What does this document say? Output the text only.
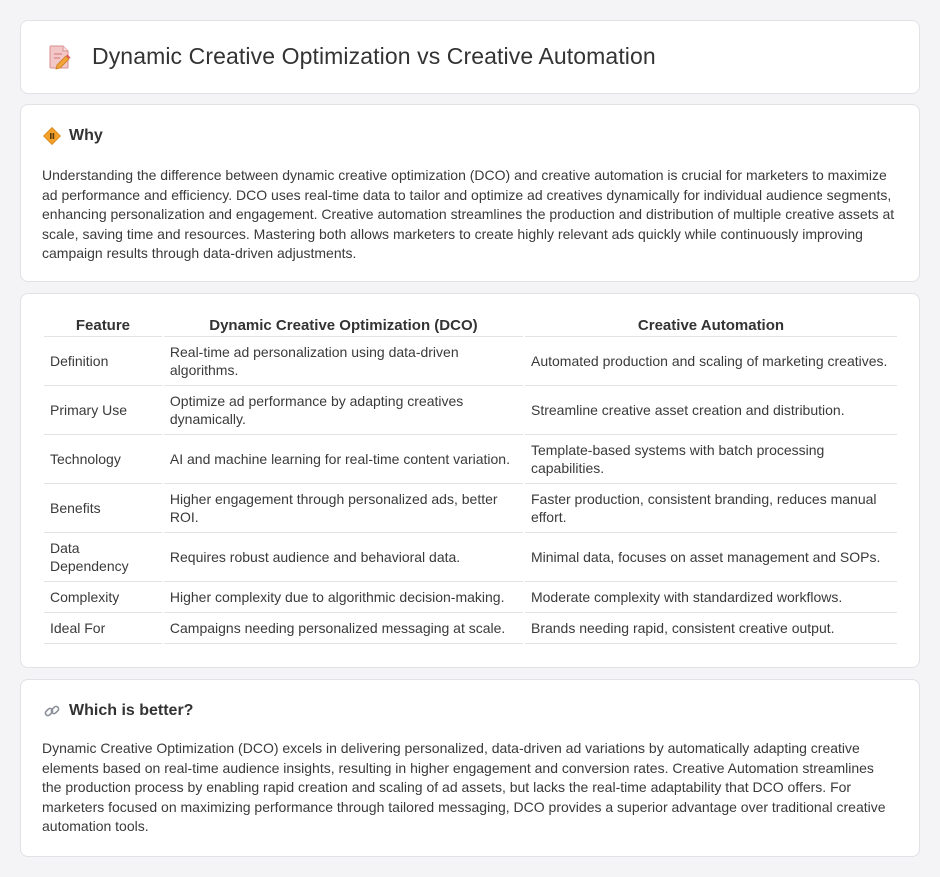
Dynamic Creative Optimization vs Creative Automation
Why

Understanding the difference between dynamic creative optimization (DCO) and creative automation is crucial for marketers to maximize ad performance and efficiency. DCO uses real-time data to tailor and optimize ad creatives dynamically for individual audience segments, enhancing personalization and engagement. Creative automation streamlines the production and distribution of multiple creative assets at scale, saving time and resources. Mastering both allows marketers to create highly relevant ads quickly while continuously improving campaign results through data-driven adjustments.

Feature	Dynamic Creative Optimization (DCO)	Creative Automation
Definition	Real-time ad personalization using data-driven algorithms.	Automated production and scaling of marketing creatives.
Primary Use	Optimize ad performance by adapting creatives dynamically.	Streamline creative asset creation and distribution.
Technology	AI and machine learning for real-time content variation.	Template-based systems with batch processing capabilities.
Benefits	Higher engagement through personalized ads, better ROI.	Faster production, consistent branding, reduces manual effort.
Data Dependency	Requires robust audience and behavioral data.	Minimal data, focuses on asset management and SOPs.
Complexity	Higher complexity due to algorithmic decision-making.	Moderate complexity with standardized workflows.
Ideal For	Campaigns needing personalized messaging at scale.	Brands needing rapid, consistent creative output.
Which is better?

Dynamic Creative Optimization (DCO) excels in delivering personalized, data-driven ad variations by automatically adapting creative elements based on real-time audience insights, resulting in higher engagement and conversion rates. Creative Automation streamlines the production process by enabling rapid creation and scaling of ad assets, but lacks the real-time adaptability that DCO offers. For marketers focused on maximizing performance through tailored messaging, DCO provides a superior advantage over traditional creative automation tools.
